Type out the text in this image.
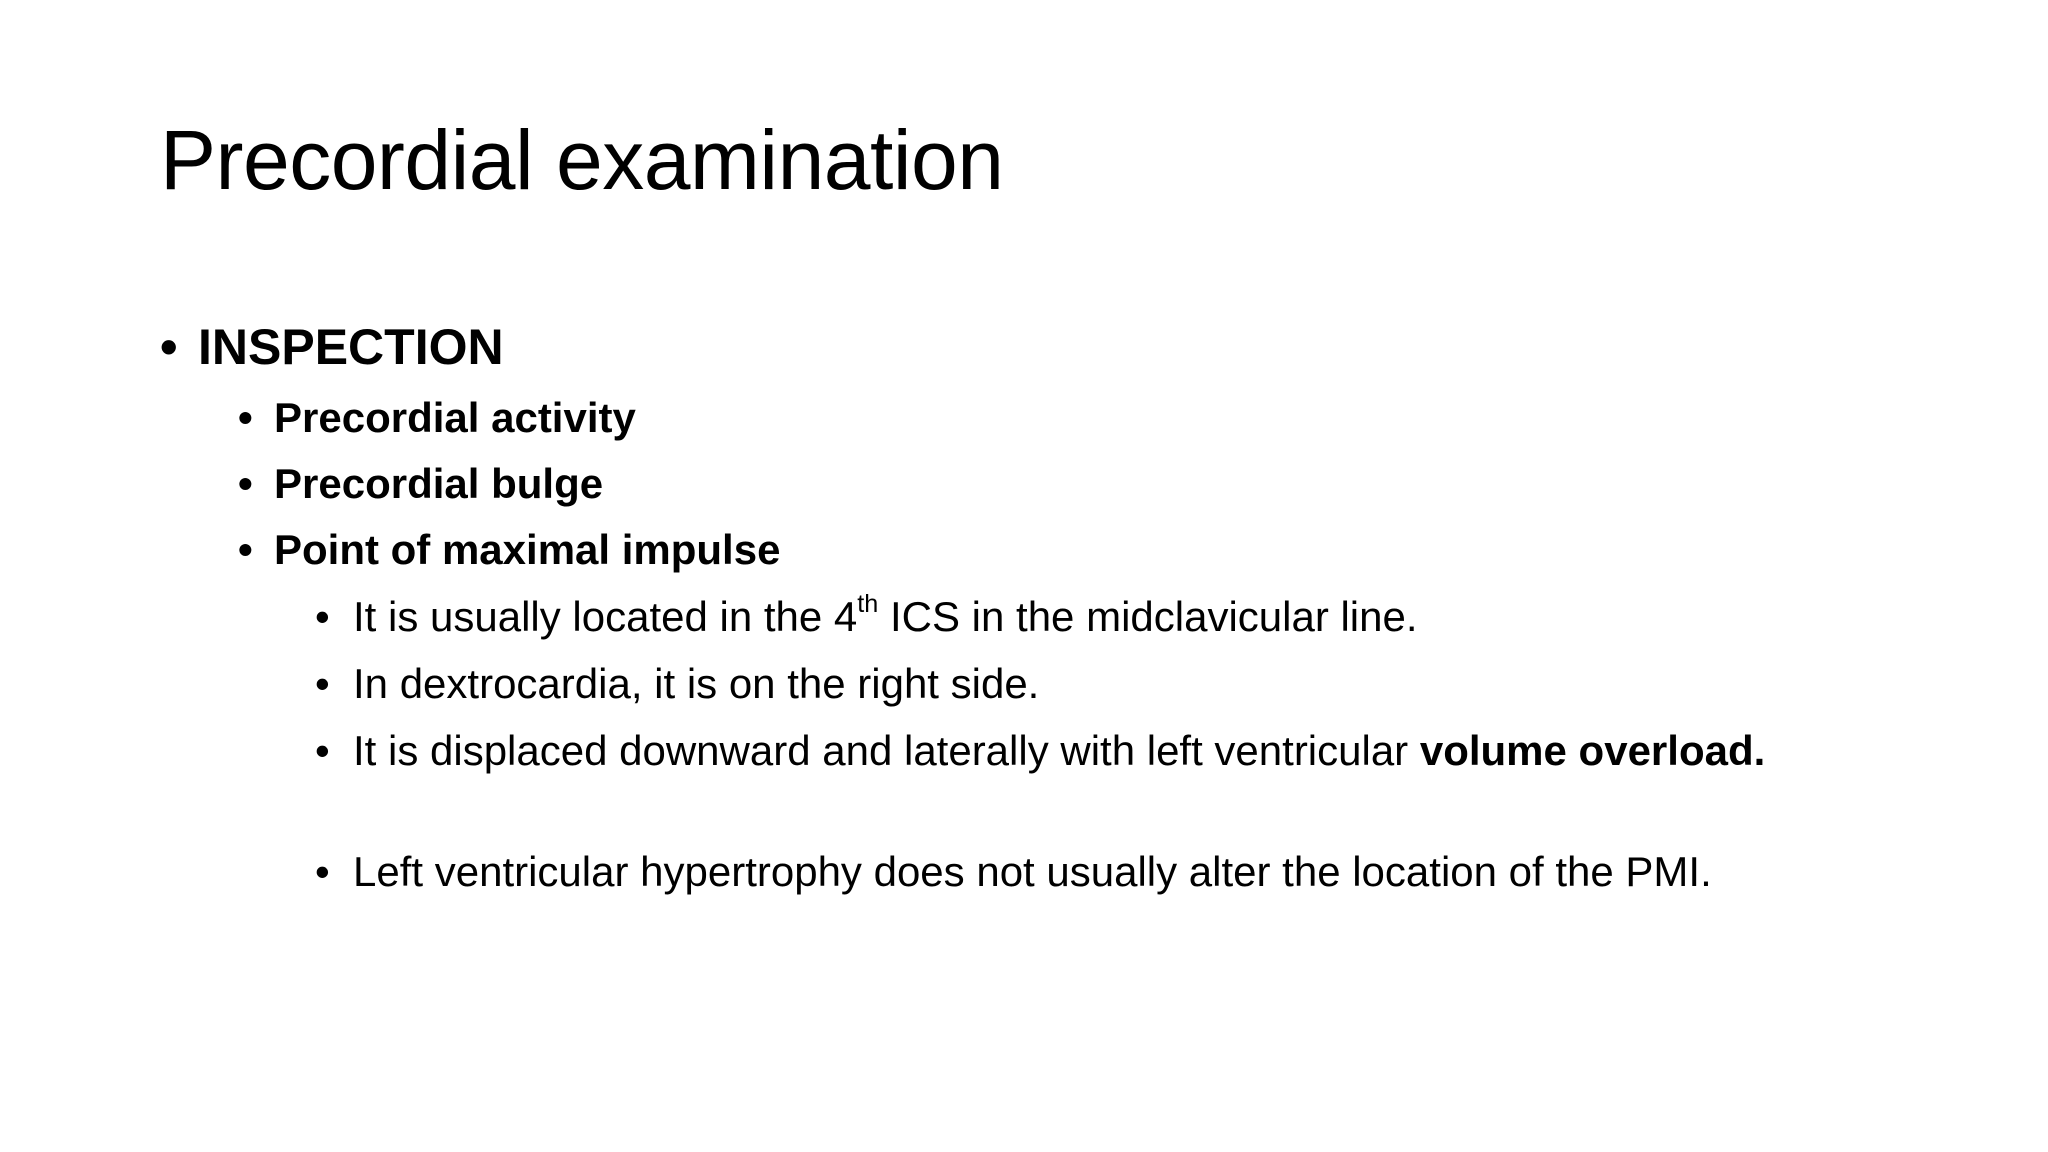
Precordial examination
• INSPECTION
• Precordial activity
• Precordial bulge
• Point of maximal impulse
• It is usually located in the 4th ICS in the midclavicular line.
• In dextrocardia, it is on the right side.
• It is displaced downward and laterally with left ventricular volume overload.
• Left ventricular hypertrophy does not usually alter the location of the PMI.
